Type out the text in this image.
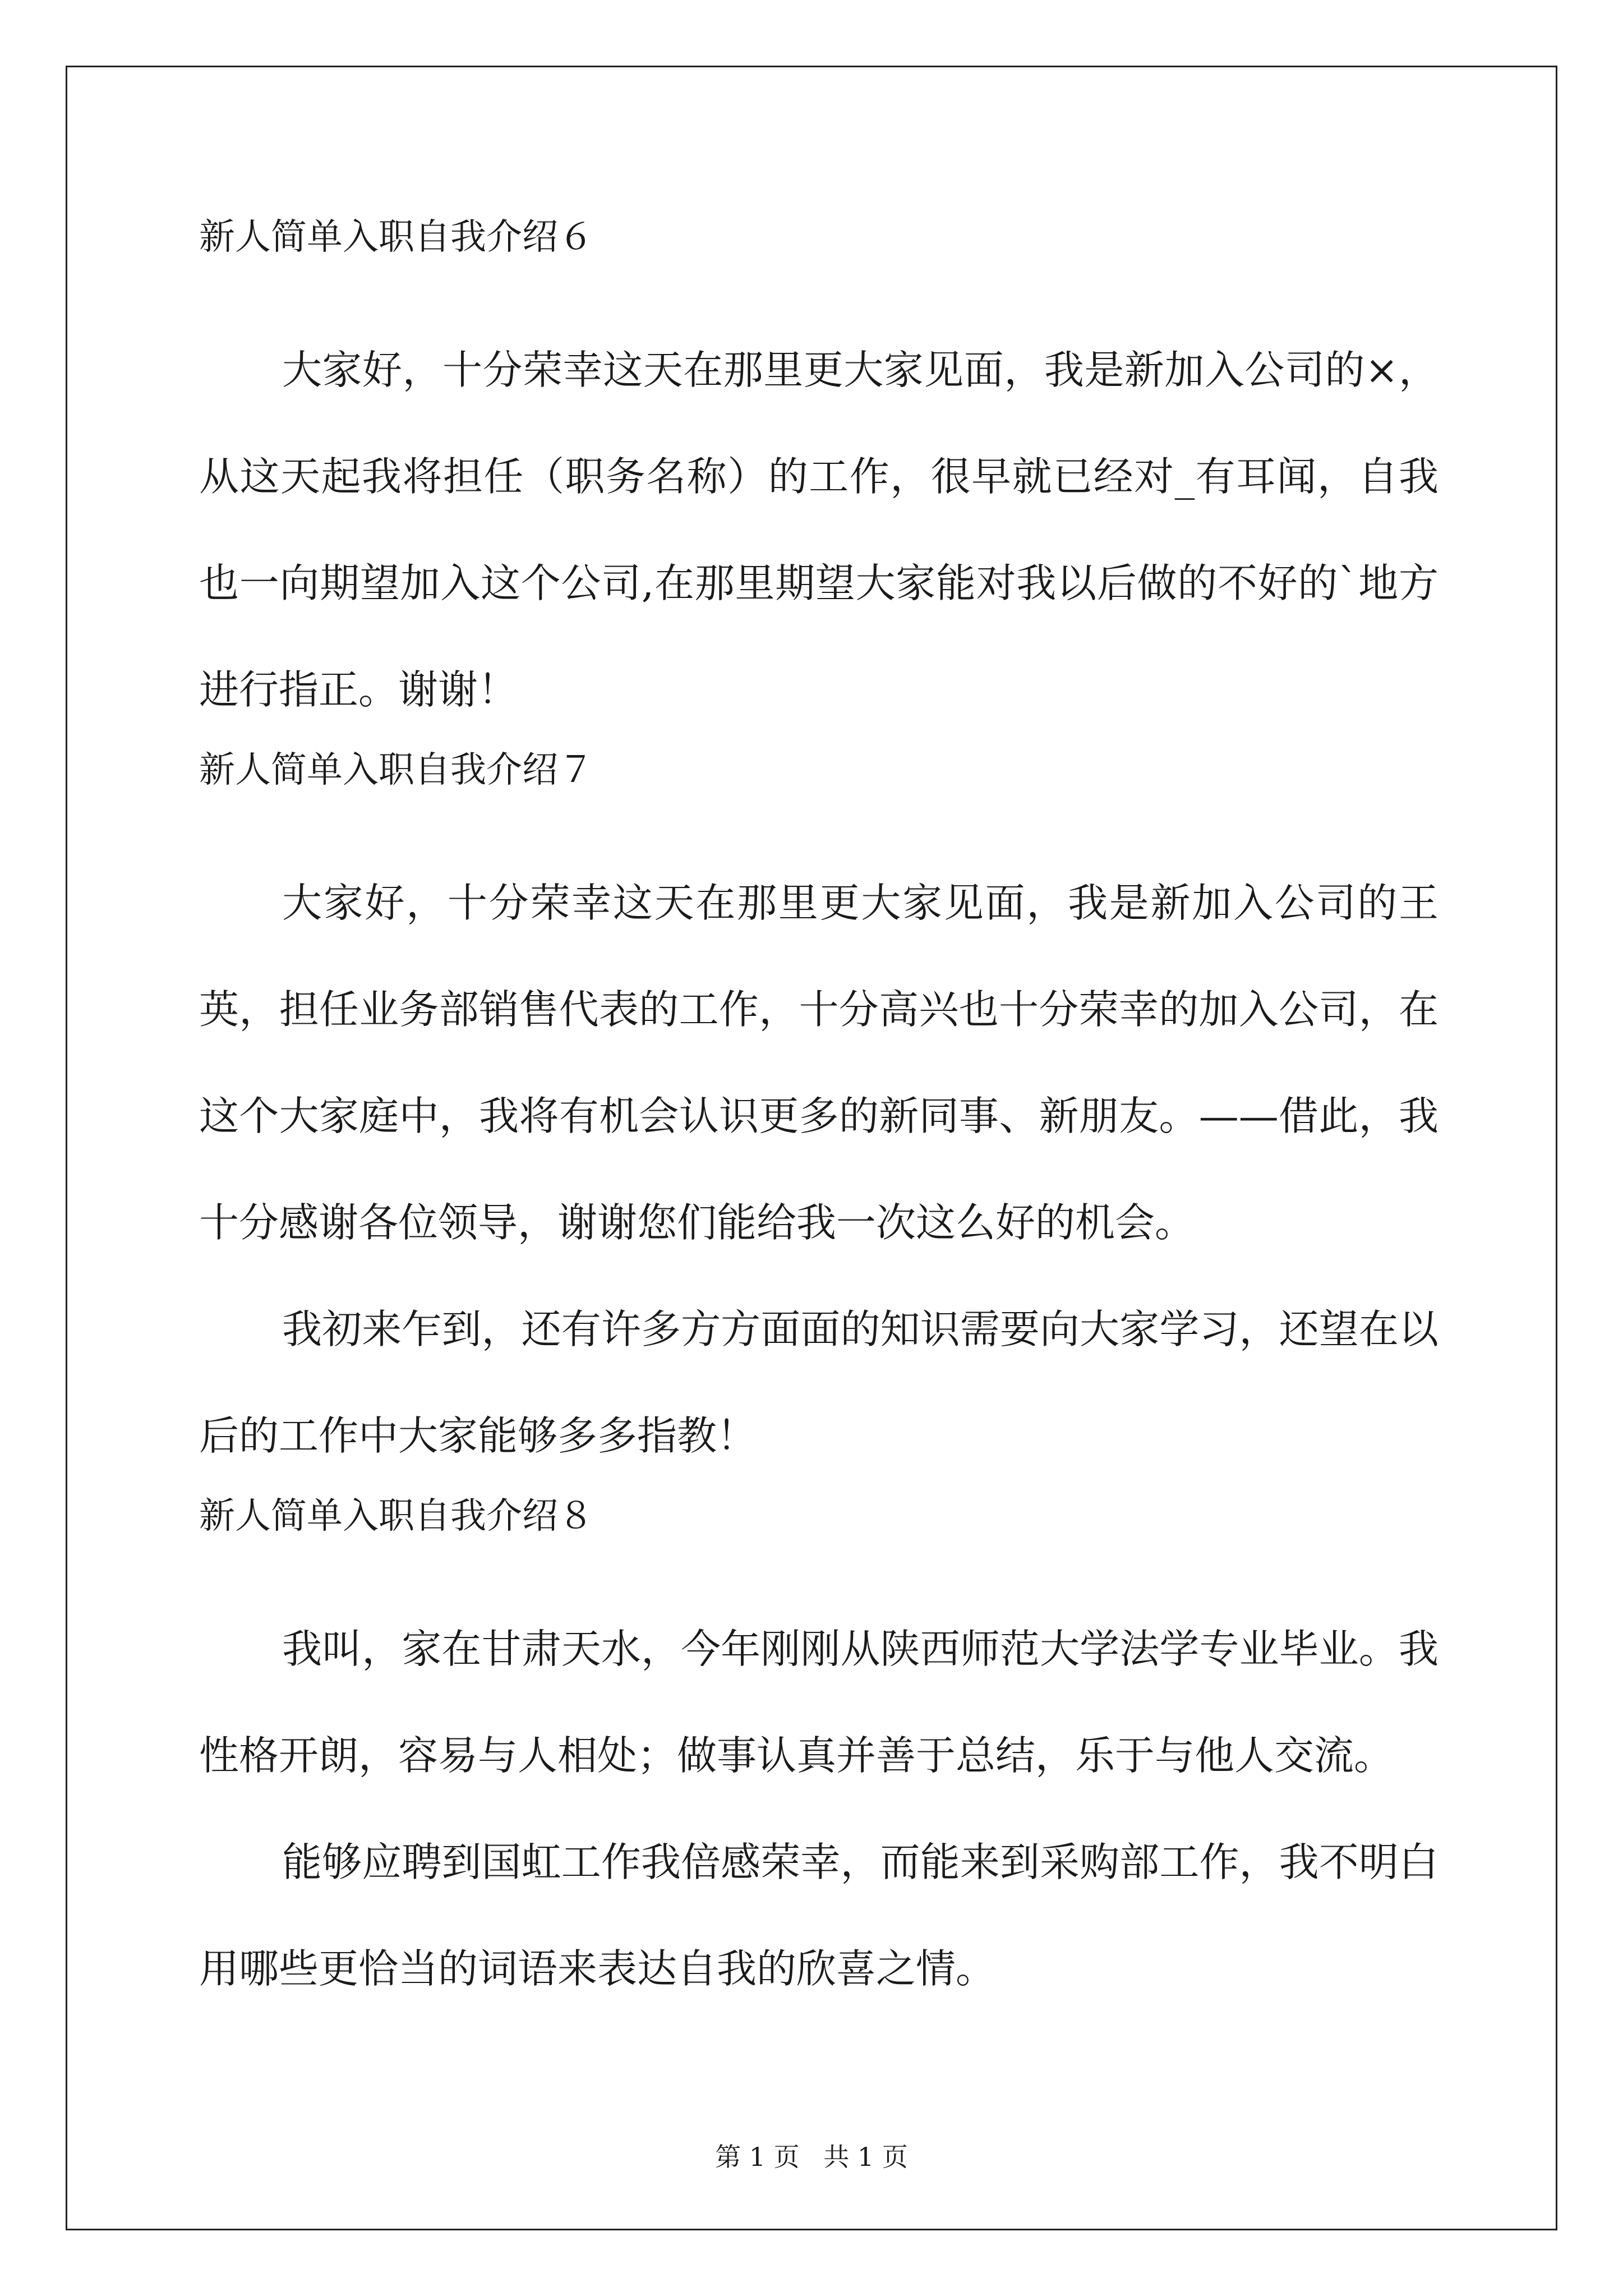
新人简单入职自我介绍６

大家好，十分荣幸这天在那里更大家见面，我是新加入公司的×，从这天起我将担任（职务名称）的工作，很早就已经对_有耳闻，自我也一向期望加入这个公司,在那里期望大家能对我以后做的不好的`地方进行指正。谢谢！

新人简单入职自我介绍７

大家好，十分荣幸这天在那里更大家见面，我是新加入公司的王英，担任业务部销售代表的工作，十分高兴也十分荣幸的加入公司，在这个大家庭中，我将有机会认识更多的新同事、新朋友。——借此，我十分感谢各位领导，谢谢您们能给我一次这么好的机会。

我初来乍到，还有许多方方面面的知识需要向大家学习，还望在以后的工作中大家能够多多指教！

新人简单入职自我介绍８

我叫，家在甘肃天水，今年刚刚从陕西师范大学法学专业毕业。我性格开朗，容易与人相处；做事认真并善于总结，乐于与他人交流。

能够应聘到国虹工作我倍感荣幸，而能来到采购部工作，我不明白用哪些更恰当的词语来表达自我的欣喜之情。

第 1 页 共 1 页
